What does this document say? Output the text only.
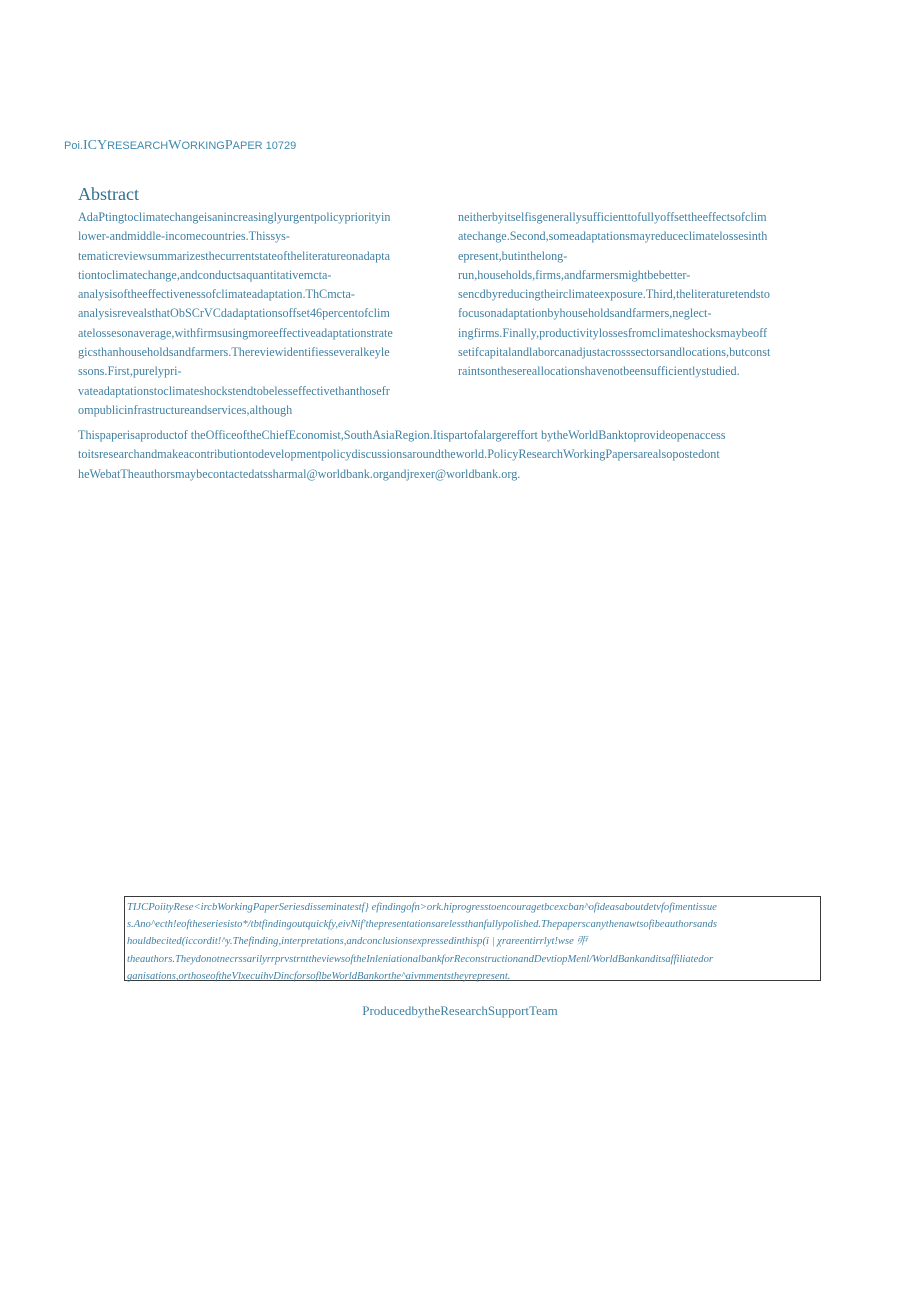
Poi.ICYRESEARCHWORKINGPAPER 10729
Abstract
AdaPtingtoclimatechangeisanincreasinglyurgentpolicypriorityin
lower-andmiddle-incomecountries.Thissys-
tematicreviewsummarizesthecurrentstateoftheliteratureonadapta
tiontoclimatechange,andconductsaquantitativemcta-
analysisoftheeffectivenessofclimateadaptation.ThCmcta-
analysisrevealsthatObSCrVCdadaptationsoffset46percentofclim
atelossesonaverage,withfirmsusingmoreeffectiveadaptationstrate
gicsthanhouseholdsandfarmers.Thereviewidentifiesseveralkeyle
ssons.First,purelypri-
vateadaptationstoclimateshockstendtobelesseffectivethanthosefr
ompublicinfrastructureandservices,although
neitherbyitselfisgenerallysufficienttofullyoffsettheeffectsofclim
atechange.Second,someadaptationsmayreduceclimatelossesinth
epresent,butinthelong-
run,households,firms,andfarmersmightbebetter-
sencdbyreducingtheirclimateexposure.Third,theliteraturetendsto
focusonadaptationbyhouseholdsandfarmers,neglect-
ingfirms.Finally,productivitylossesfromclimateshocksmaybeoff
setifcapitalandlaborcanadjustacrosssectorsandlocations,butconst
raintsonthesereallocationshavenotbeensufficientlystudied.
Thispaperisaproductof theOfficeoftheChiefEconomist,SouthAsiaRegion.Itispartofalargereffort bytheWorldBanktoprovideopenaccess
toitsresearchandmakeacontributiontodevelopmentpolicydiscussionsaroundtheworld.PolicyResearchWorkingPapersarealsopostedont
heWebatTheauthorsmaybecontactedatssharmal@worldbank.organdjrexer@worldbank.org.
TIJCPoiityRese<ircbWorkingPaperSeriesdisseminatestf} efindingofn>ork.hiprogresstoencouragetbcexcban^ofideasaboutdetvfofimentissue
s.Ano^ecth!eoftheseriesisto*/tbtfindingoutquickfy,eivNif'thepresentationsarelessthanfullypolished.Thepaperscanythenawtsofibeauthorsands
houldbecited(iccordit!^y.Thefinding,interpretations,andconclusionsexpressedinthisp(i | χrareentirrlyt!wse 戼
theauthors.TheydonotnecrssarilyrrprvstrnttheviewsoftheInleniationalbankforReconstructionandDevtiopMenl/WorldBankanditsaffiliatedor
ganisations,orthoseoftheVlxecuihvDincforsoflbeWorldBankorthe^aivmmentstheyrepresent.
ProducedbytheResearchSupportTeam
